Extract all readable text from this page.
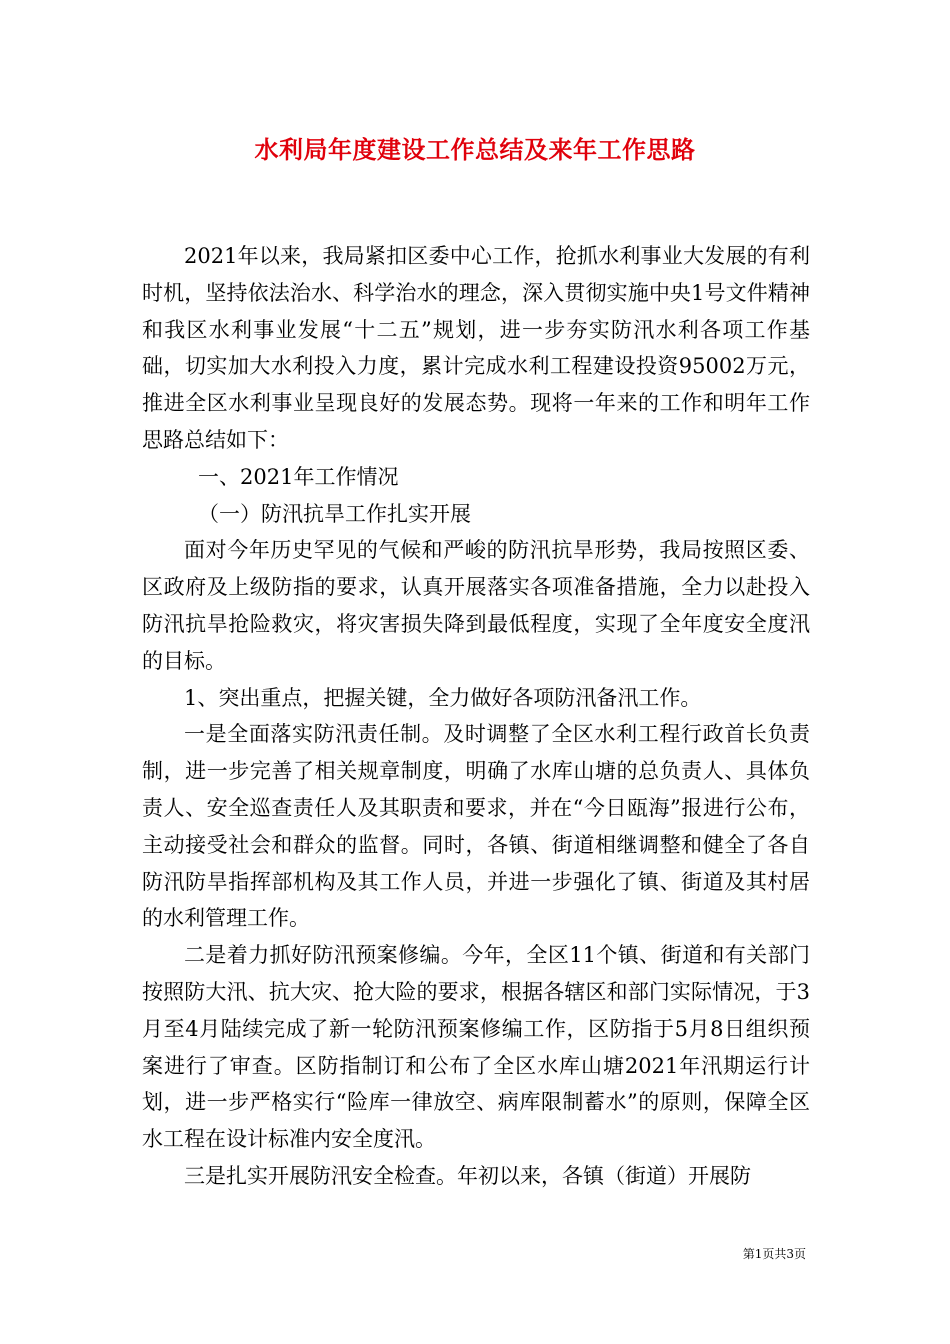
水利局年度建设工作总结及来年工作思路

2021年以来，我局紧扣区委中心工作，抢抓水利事业大发展的有利时机，坚持依法治水、科学治水的理念，深入贯彻实施中央1号文件精神和我区水利事业发展“十二五”规划，进一步夯实防汛水利各项工作基础，切实加大水利投入力度，累计完成水利工程建设投资95002万元，推进全区水利事业呈现良好的发展态势。现将一年来的工作和明年工作思路总结如下：

一、2021年工作情况

（一）防汛抗旱工作扎实开展

面对今年历史罕见的气候和严峻的防汛抗旱形势，我局按照区委、区政府及上级防指的要求，认真开展落实各项准备措施，全力以赴投入防汛抗旱抢险救灾，将灾害损失降到最低程度，实现了全年度安全度汛的目标。

1、突出重点，把握关键，全力做好各项防汛备汛工作。

一是全面落实防汛责任制。及时调整了全区水利工程行政首长负责制，进一步完善了相关规章制度，明确了水库山塘的总负责人、具体负责人、安全巡查责任人及其职责和要求，并在“今日瓯海”报进行公布，主动接受社会和群众的监督。同时，各镇、街道相继调整和健全了各自防汛防旱指挥部机构及其工作人员，并进一步强化了镇、街道及其村居的水利管理工作。

二是着力抓好防汛预案修编。今年，全区11个镇、街道和有关部门按照防大汛、抗大灾、抢大险的要求，根据各辖区和部门实际情况，于3月至4月陆续完成了新一轮防汛预案修编工作，区防指于5月8日组织预案进行了审查。区防指制订和公布了全区水库山塘2021年汛期运行计划，进一步严格实行“险库一律放空、病库限制蓄水”的原则，保障全区水工程在设计标准内安全度汛。

三是扎实开展防汛安全检查。年初以来，各镇（街道）开展防

第1页共3页
